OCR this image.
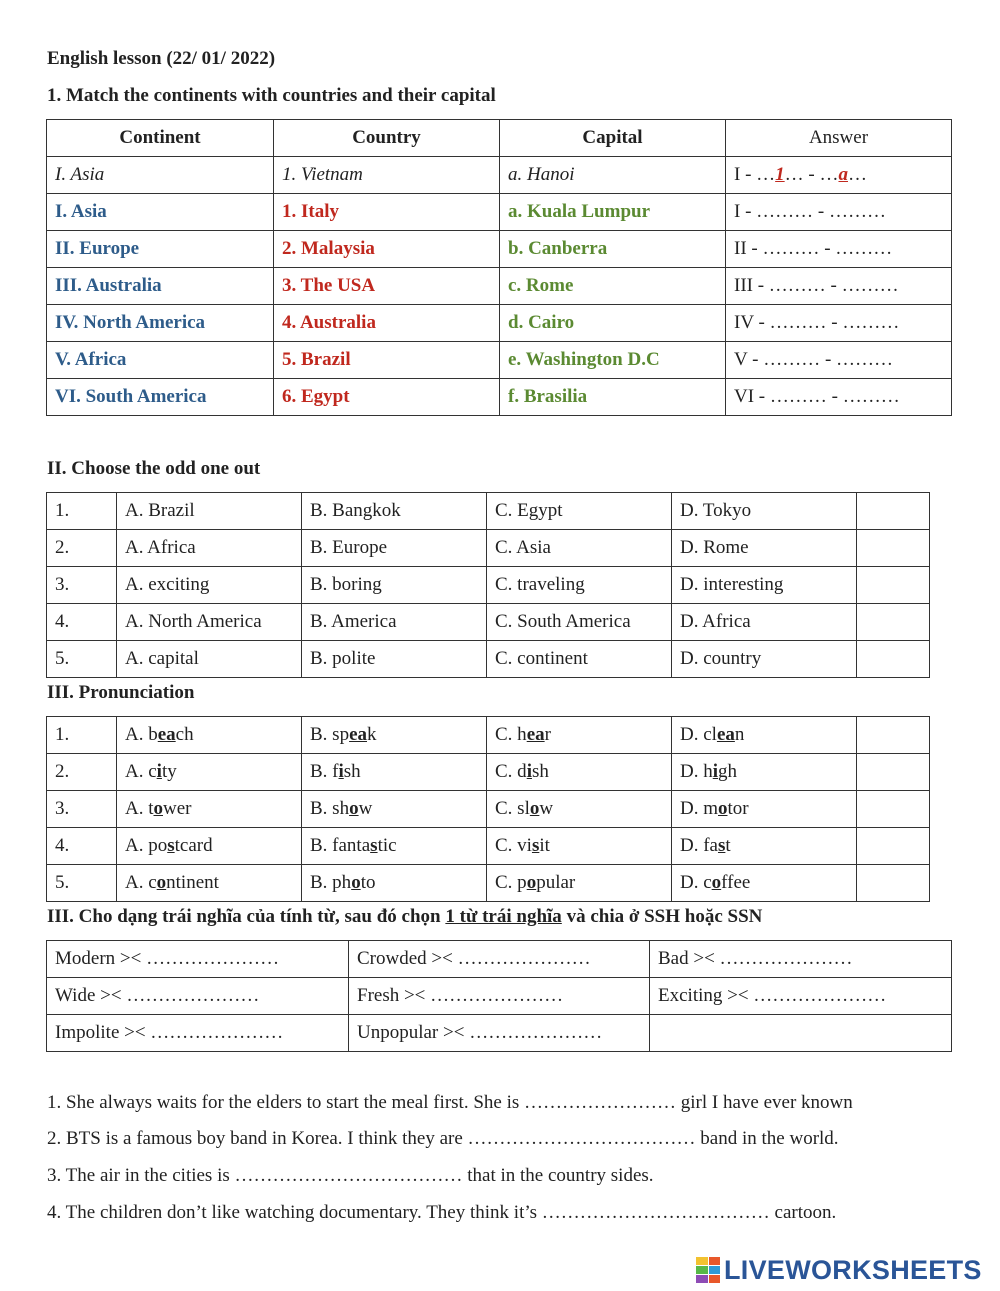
English lesson (22/ 01/ 2022)
1. Match the continents with countries and their capital
Continent	Country	Capital	Answer
I. Asia	1. Vietnam	a. Hanoi	I - …1… - …a…
I. Asia	1. Italy	a. Kuala Lumpur	I - ……… - ………
II. Europe	2. Malaysia	b. Canberra	II - ……… - ………
III. Australia	3. The USA	c. Rome	III - ……… - ………
IV. North America	4. Australia	d. Cairo	IV - ……… - ………
V. Africa	5. Brazil	e. Washington D.C	V - ……… - ………
VI. South America	6. Egypt	f. Brasilia	VI - ……… - ………
II. Choose the odd one out
1.	A. Brazil	B. Bangkok	C. Egypt	D. Tokyo	
2.	A. Africa	B. Europe	C. Asia	D. Rome	
3.	A. exciting	B. boring	C. traveling	D. interesting	
4.	A. North America	B. America	C. South America	D. Africa	
5.	A. capital	B. polite	C. continent	D. country	
III. Pronunciation
1.	A. beach	B. speak	C. hear	D. clean	
2.	A. city	B. fish	C. dish	D. high	
3.	A. tower	B. show	C. slow	D. motor	
4.	A. postcard	B. fantastic	C. visit	D. fast	
5.	A. continent	B. photo	C. popular	D. coffee	
III. Cho dạng trái nghĩa của tính từ, sau đó chọn 1 từ trái nghĩa và chia ở SSH hoặc SSN
Modern >< …………………	Crowded >< …………………	Bad >< …………………
Wide >< …………………	Fresh >< …………………	Exciting >< …………………
Impolite >< …………………	Unpopular >< …………………	
1. She always waits for the elders to start the meal first. She is …………………… girl I have ever known
2. BTS is a famous boy band in Korea. I think they are ……………………………… band in the world.
3. The air in the cities is ……………………………… that in the country sides.
4. The children don’t like watching documentary. They think it’s ……………………………… cartoon.
LIVEWORKSHEETS
